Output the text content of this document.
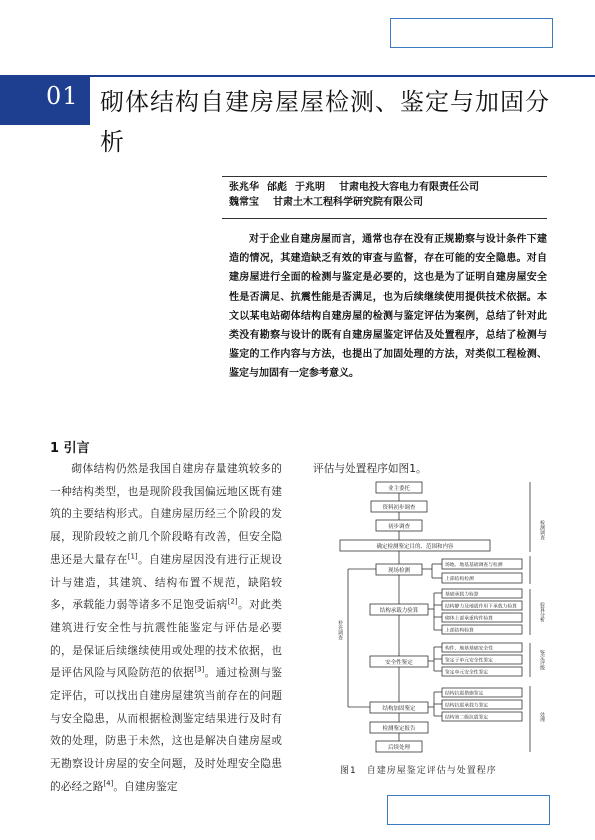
01 砌体结构自建房屋屋检测、鉴定与加固分析
张兆华 邰彪 于兆明 甘肃电投大容电力有限责任公司
魏常宝 甘肃土木工程科学研究院有限公司
对于企业自建房屋而言，通常也存在没有正规勘察与设计条件下建造的情况，其建造缺乏有效的审查与监督，存在可能的安全隐患。对自建房屋进行全面的检测与鉴定是必要的，这也是为了证明自建房屋安全性是否满足、抗震性能是否满足，也为后续继续使用提供技术依据。本文以某电站砌体结构自建房屋的检测与鉴定评估为案例，总结了针对此类没有勘察与设计的既有自建房屋鉴定评估及处置程序，总结了检测与鉴定的工作内容与方法，也提出了加固处理的方法，对类似工程检测、鉴定与加固有一定参考意义。
1 引言
砌体结构仍然是我国自建房存量建筑较多的一种结构类型，也是现阶段我国偏远地区既有建筑的主要结构形式。自建房屋历经三个阶段的发展，现阶段较之前几个阶段略有改善，但安全隐患还是大量存在[1]。自建房屋因没有进行正规设计与建造，其建筑、结构布置不规范，缺陷较多，承载能力弱等诸多不足饱受诟病[2]。对此类建筑进行安全性与抗震性能鉴定与评估是必要的，是保证后续继续使用或处理的技术依据，也是评估风险与风险防范的依据[3]。通过检测与鉴定评估，可以找出自建房屋建筑当前存在的问题与安全隐患，从而根据检测鉴定结果进行及时有效的处理，防患于未然，这也是解决自建房屋或无勘察设计房屋的安全问题，及时处理安全隐患的必经之路[4]。自建房鉴定
评估与处置程序如图1。
业主委托
资料初步调查
初步调查
确定检测鉴定目的、范围和内容
现场检测
结构承载力验算
安全性鉴定
结构加固鉴定
检测鉴定报告
后续处理
场地、地基基础调查与检测
上部结构检测
基础承载力验算
结构静力及地震作用下承载力验算
砌体上部承重构件验算
上部结构验算
构件、地基基础安全性
鉴定子单元安全性鉴定
鉴定单元安全性鉴定
结构抗震措施鉴定
结构抗震承载力鉴定
结构第二级抗震鉴定
检测调查
验算分析
鉴定评级
处理
补充调查
图1　自建房屋鉴定评估与处置程序
